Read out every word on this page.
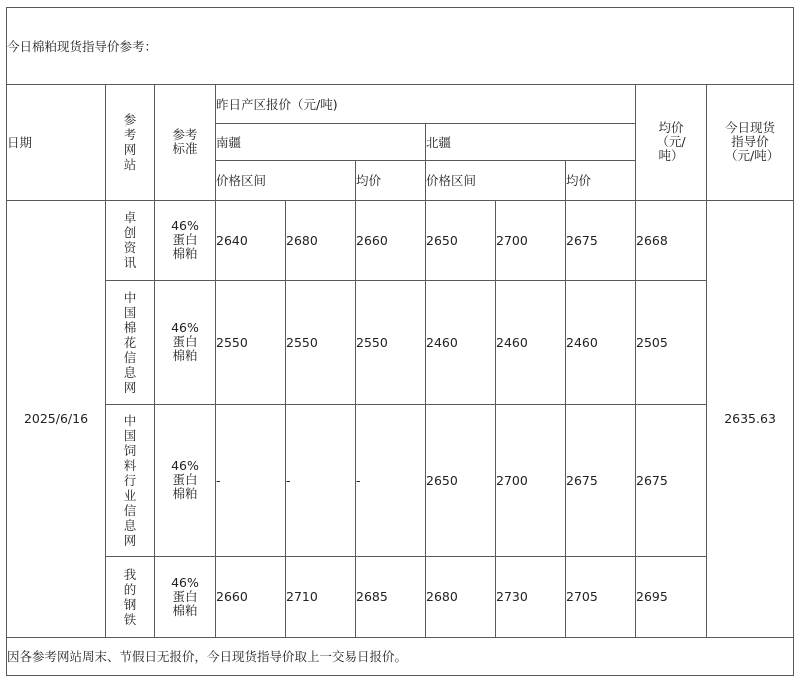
今日棉粕现货指导价参考：										
日期	参考网站	参考标准	昨日产区报价（元/吨)						均价（元/吨）	今日现货指导价（元/吨）
			南疆			北疆				
			价格区间		均价	价格区间		均价		
2025/6/16	卓创资讯	46%蛋白棉粕	2640	2680	2660	2650	2700	2675	2668	2635.63
	中国棉花信息网	46%蛋白棉粕	2550	2550	2550	2460	2460	2460	2505	
	中国饲料行业信息网	46%蛋白棉粕	-	-	-	2650	2700	2675	2675	
	我的钢铁	46%蛋白棉粕	2660	2710	2685	2680	2730	2705	2695	
因各参考网站周末、节假日无报价，今日现货指导价取上一交易日报价。										
